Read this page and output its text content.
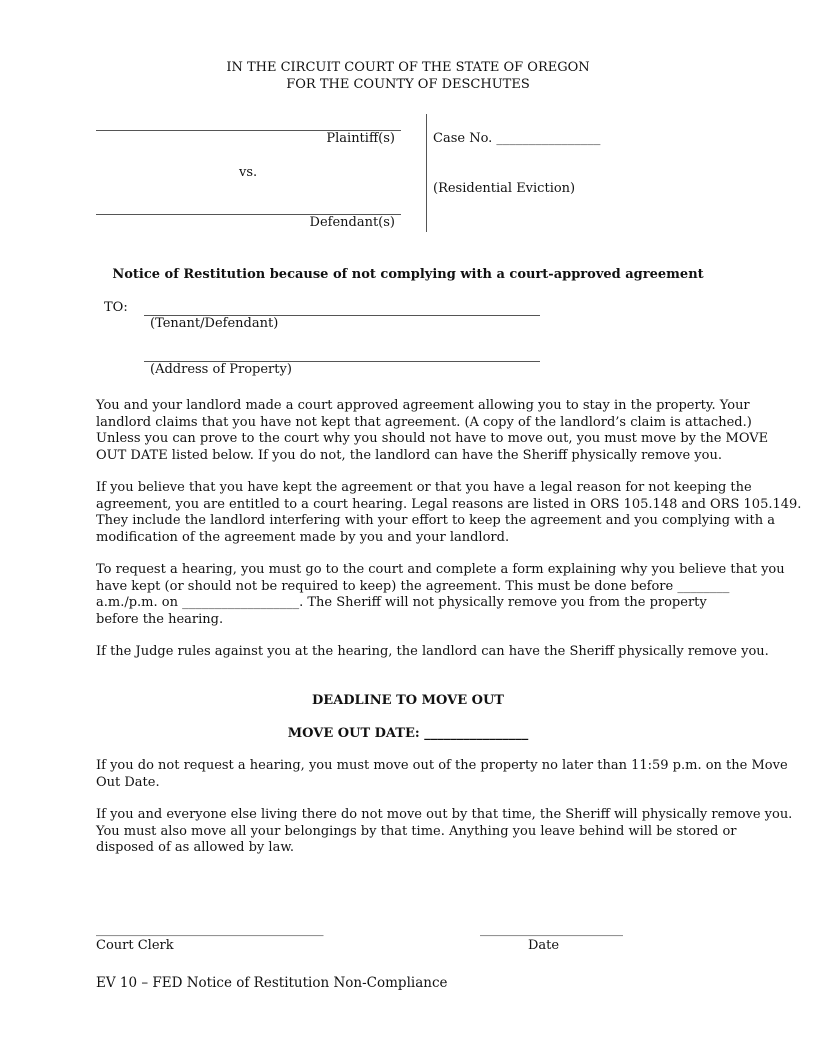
IN THE CIRCUIT COURT OF THE STATE OF OREGON
FOR THE COUNTY OF DESCHUTES
Plaintiff(s)
vs.
Defendant(s)
Case No. ________________
(Residential Eviction)
Notice of Restitution because of not complying with a court-approved agreement
TO:
(Tenant/Defendant)
(Address of Property)
You and your landlord made a court approved agreement allowing you to stay in the property. Your
landlord claims that you have not kept that agreement. (A copy of the landlord’s claim is attached.)
Unless you can prove to the court why you should not have to move out, you must move by the MOVE
OUT DATE listed below. If you do not, the landlord can have the Sheriff physically remove you.
If you believe that you have kept the agreement or that you have a legal reason for not keeping the
agreement, you are entitled to a court hearing. Legal reasons are listed in ORS 105.148 and ORS 105.149.
They include the landlord interfering with your effort to keep the agreement and you complying with a
modification of the agreement made by you and your landlord.
To request a hearing, you must go to the court and complete a form explaining why you believe that you
have kept (or should not be required to keep) the agreement. This must be done before ________
a.m./p.m. on __________________. The Sheriff will not physically remove you from the property
before the hearing.
If the Judge rules against you at the hearing, the landlord can have the Sheriff physically remove you.
DEADLINE TO MOVE OUT
MOVE OUT DATE: ________________
If you do not request a hearing, you must move out of the property no later than 11:59 p.m. on the Move
Out Date.
If you and everyone else living there do not move out by that time, the Sheriff will physically remove you.
You must also move all your belongings by that time. Anything you leave behind will be stored or
disposed of as allowed by law.
___________________________________
Court Clerk
______________________
Date
EV 10 – FED Notice of Restitution Non-Compliance
